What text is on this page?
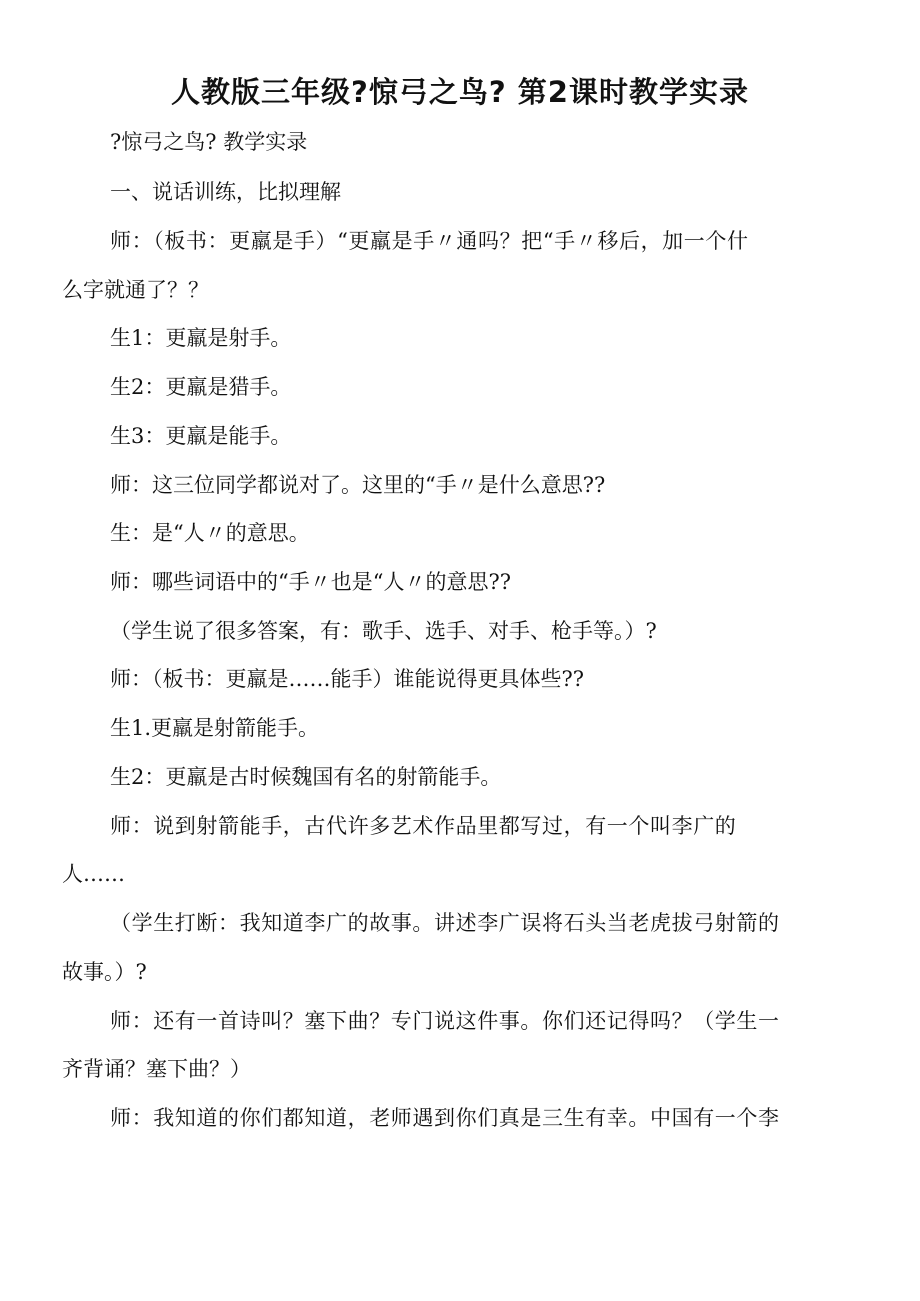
人教版三年级?惊弓之鸟? 第2课时教学实录

?惊弓之鸟? 教学实录

一、说话训练，比拟理解

师：（板书：更羸是手）“更羸是手〃通吗？把“手〃移后，加一个什

么字就通了？？

生1：更羸是射手。

生2：更羸是猎手。

生3：更羸是能手。

师：这三位同学都说对了。这里的“手〃是什么意思??

生：是“人〃的意思。

师：哪些词语中的“手〃也是“人〃的意思??

（学生说了很多答案，有：歌手、选手、对手、枪手等。）?

师：（板书：更羸是……能手）谁能说得更具体些??

生1.更羸是射箭能手。

生2：更羸是古时候魏国有名的射箭能手。

师：说到射箭能手，古代许多艺术作品里都写过，有一个叫李广的

人……

（学生打断：我知道李广的故事。讲述李广误将石头当老虎拔弓射箭的

故事。）?

师：还有一首诗叫？塞下曲？专门说这件事。你们还记得吗？（学生一

齐背诵？塞下曲？）

师：我知道的你们都知道，老师遇到你们真是三生有幸。中国有一个李
